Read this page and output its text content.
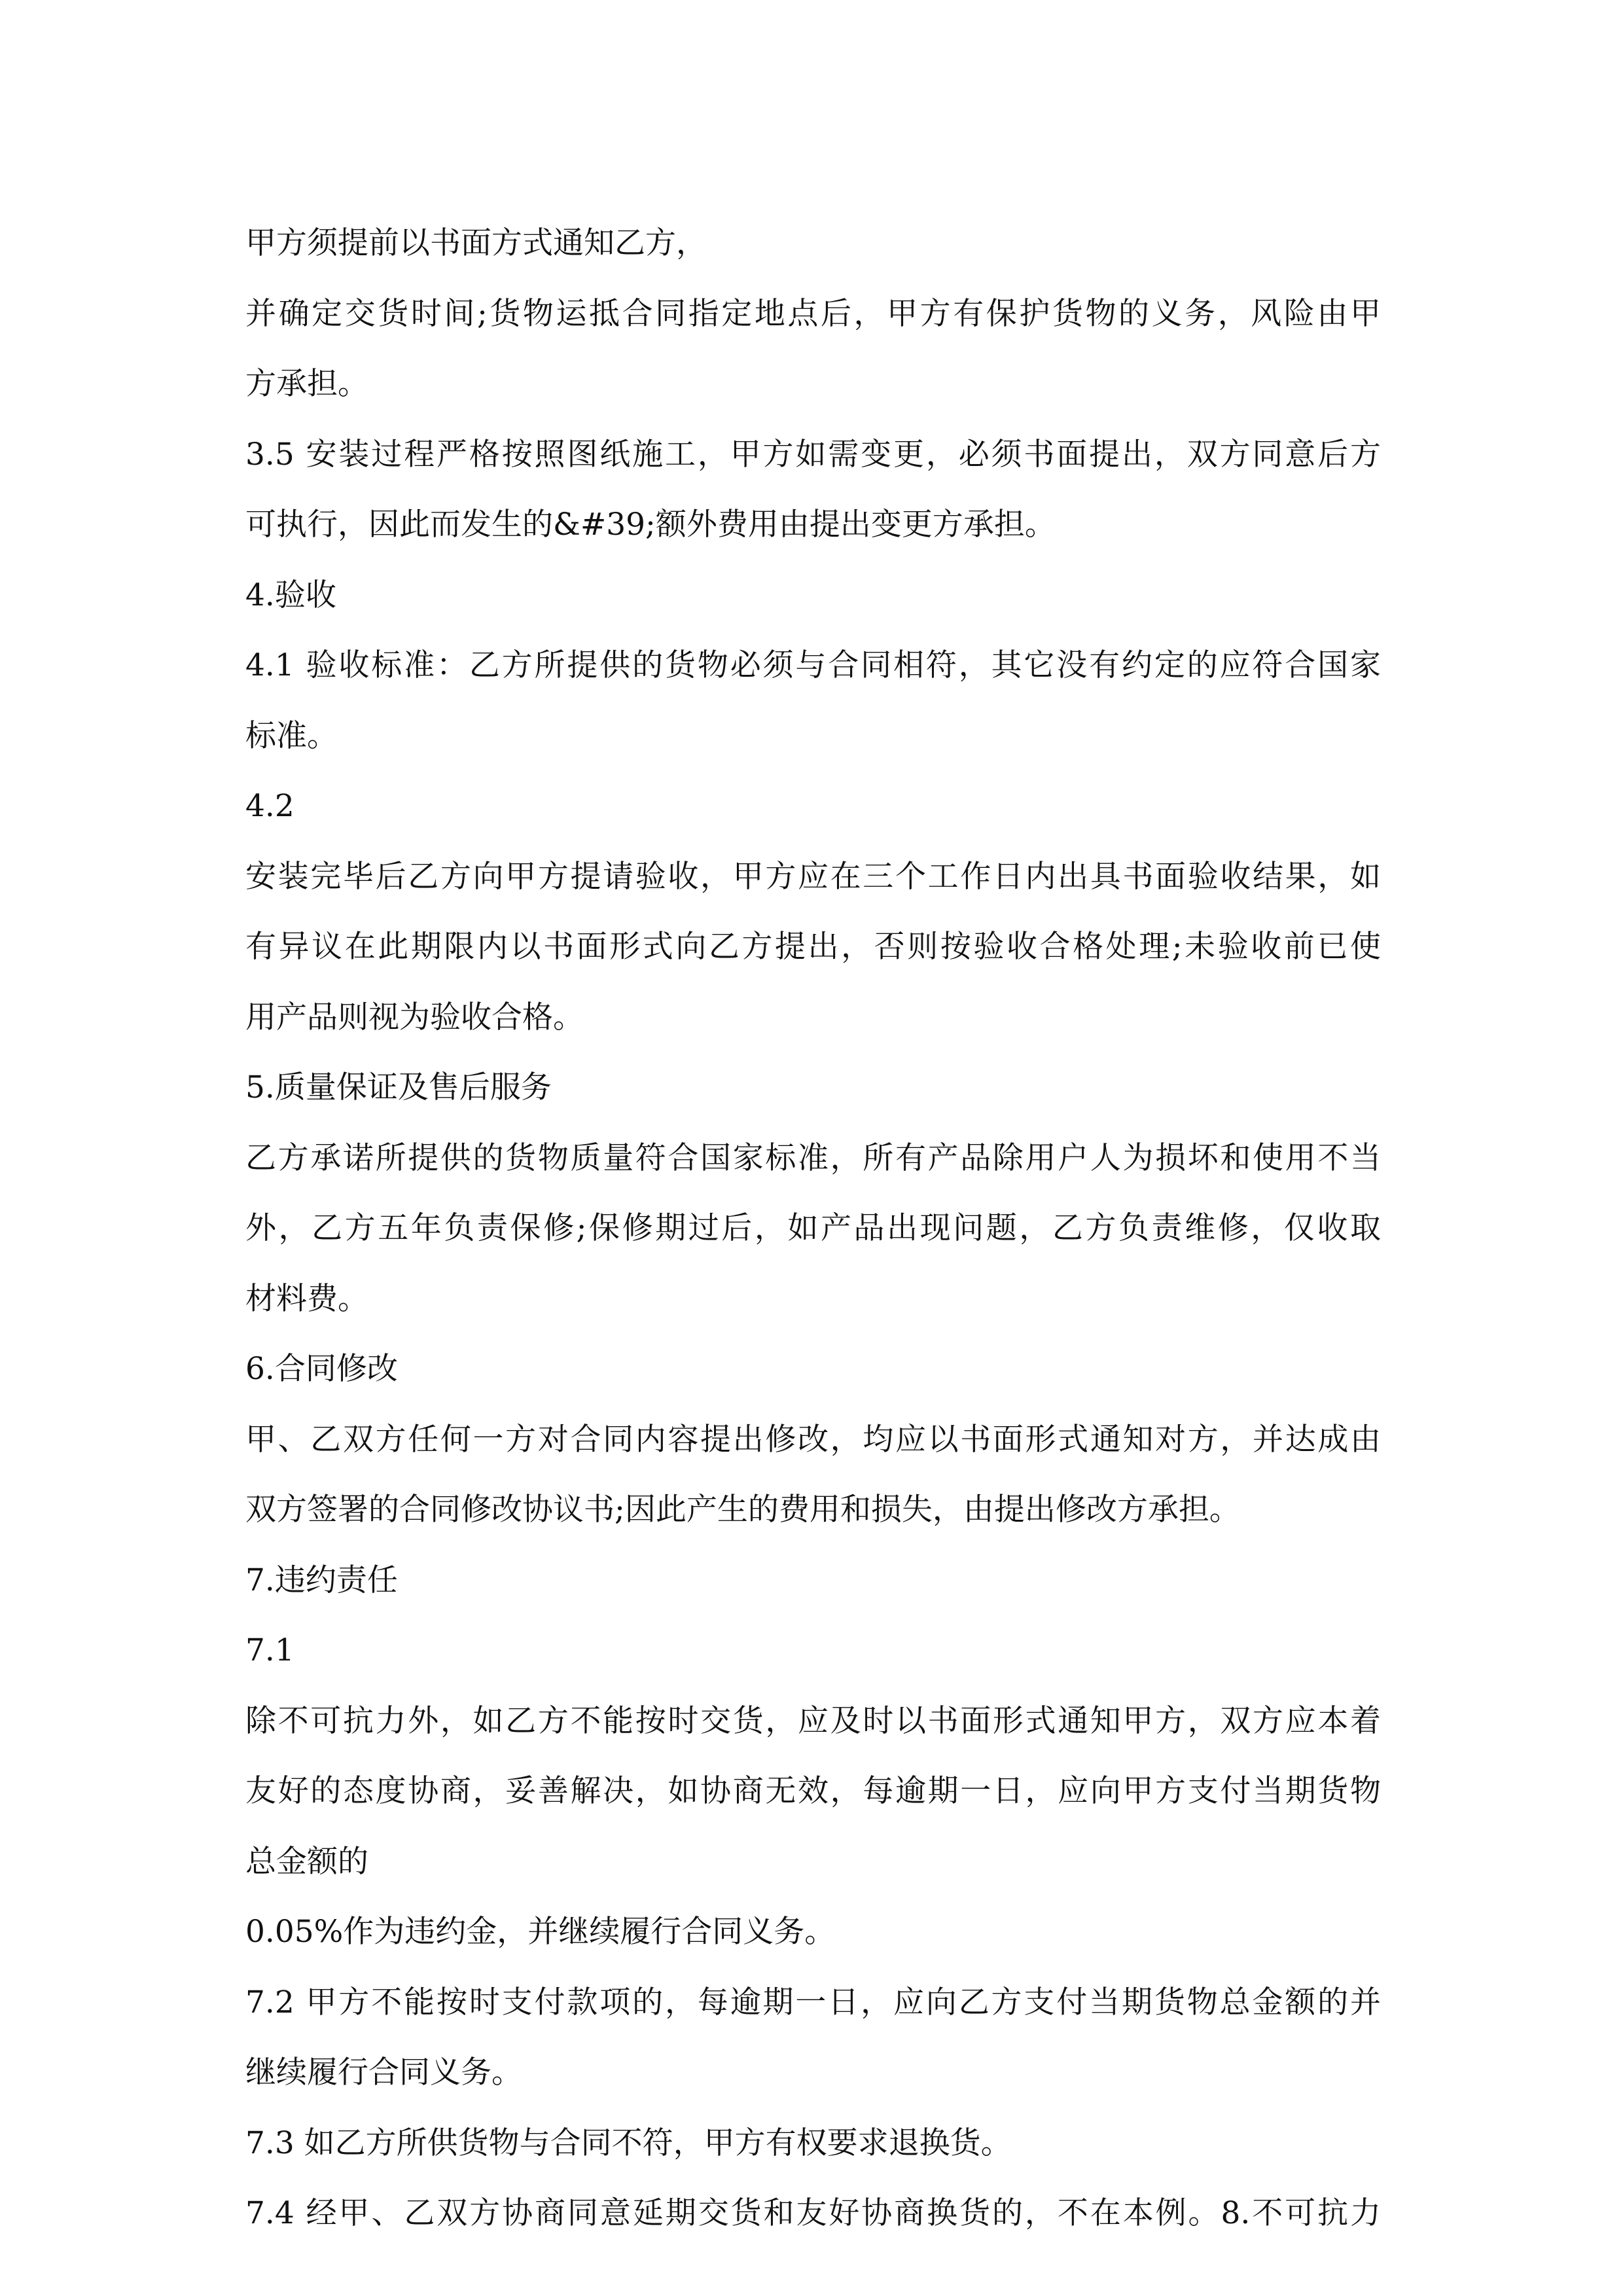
甲方须提前以书面方式通知乙方，
并确定交货时间;货物运抵合同指定地点后，甲方有保护货物的义务，风险由甲
方承担。
3.5 安装过程严格按照图纸施工，甲方如需变更，必须书面提出，双方同意后方
可执行，因此而发生的&#39;额外费用由提出变更方承担。
4.验收
4.1 验收标准：乙方所提供的货物必须与合同相符，其它没有约定的应符合国家
标准。
4.2
安装完毕后乙方向甲方提请验收，甲方应在三个工作日内出具书面验收结果，如
有异议在此期限内以书面形式向乙方提出，否则按验收合格处理;未验收前已使
用产品则视为验收合格。
5.质量保证及售后服务
乙方承诺所提供的货物质量符合国家标准，所有产品除用户人为损坏和使用不当
外，乙方五年负责保修;保修期过后，如产品出现问题，乙方负责维修，仅收取
材料费。
6.合同修改
甲、乙双方任何一方对合同内容提出修改，均应以书面形式通知对方，并达成由
双方签署的合同修改协议书;因此产生的费用和损失，由提出修改方承担。
7.违约责任
7.1
除不可抗力外，如乙方不能按时交货，应及时以书面形式通知甲方，双方应本着
友好的态度协商，妥善解决，如协商无效，每逾期一日，应向甲方支付当期货物
总金额的
0.05%作为违约金，并继续履行合同义务。
7.2 甲方不能按时支付款项的，每逾期一日，应向乙方支付当期货物总金额的并
继续履行合同义务。
7.3 如乙方所供货物与合同不符，甲方有权要求退换货。
7.4 经甲、乙双方协商同意延期交货和友好协商换货的，不在本例。8.不可抗力
